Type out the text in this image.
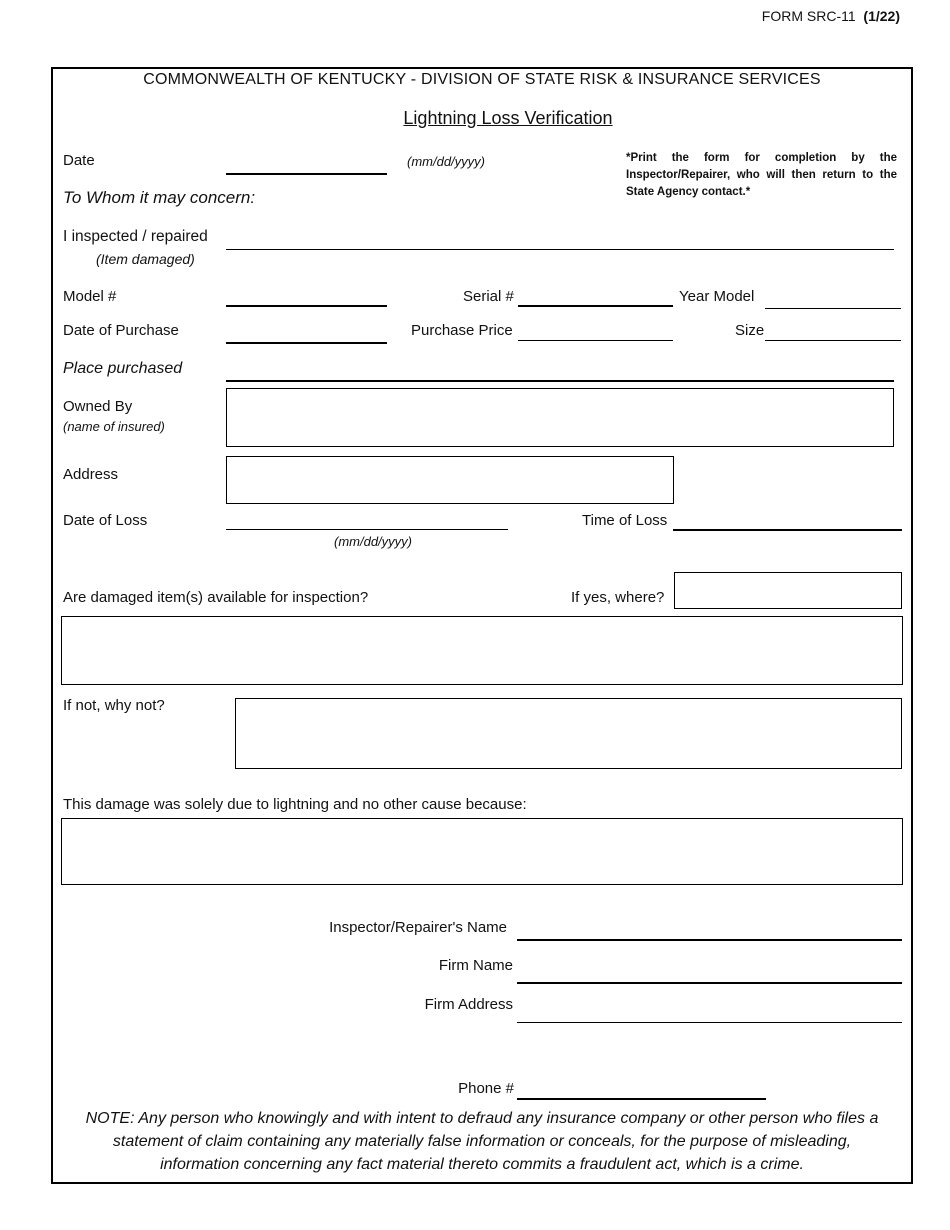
FORM SRC-11 (1/22)
COMMONWEALTH OF KENTUCKY - DIVISION OF STATE RISK & INSURANCE SERVICES
Lightning Loss Verification
Date	(mm/dd/yyyy)	*Print the form for completion by the Inspector/Repairer, who will then return to the State Agency contact.*
To Whom it may concern:
I inspected / repaired
(Item damaged)
Model #	Serial #	Year Model
Date of Purchase	Purchase Price	Size
Place purchased
Owned By
(name of insured)
Address
Date of Loss
(mm/dd/yyyy)
Time of Loss
Are damaged item(s) available for inspection?	If yes, where?
If not, why not?
This damage was solely due to lightning and no other cause because:
Inspector/Repairer's Name
Firm Name
Firm Address
Phone #
NOTE: Any person who knowingly and with intent to defraud any insurance company or other person who files a
statement of claim containing any materially false information or conceals, for the purpose of misleading,
information concerning any fact material thereto commits a fraudulent act, which is a crime.
